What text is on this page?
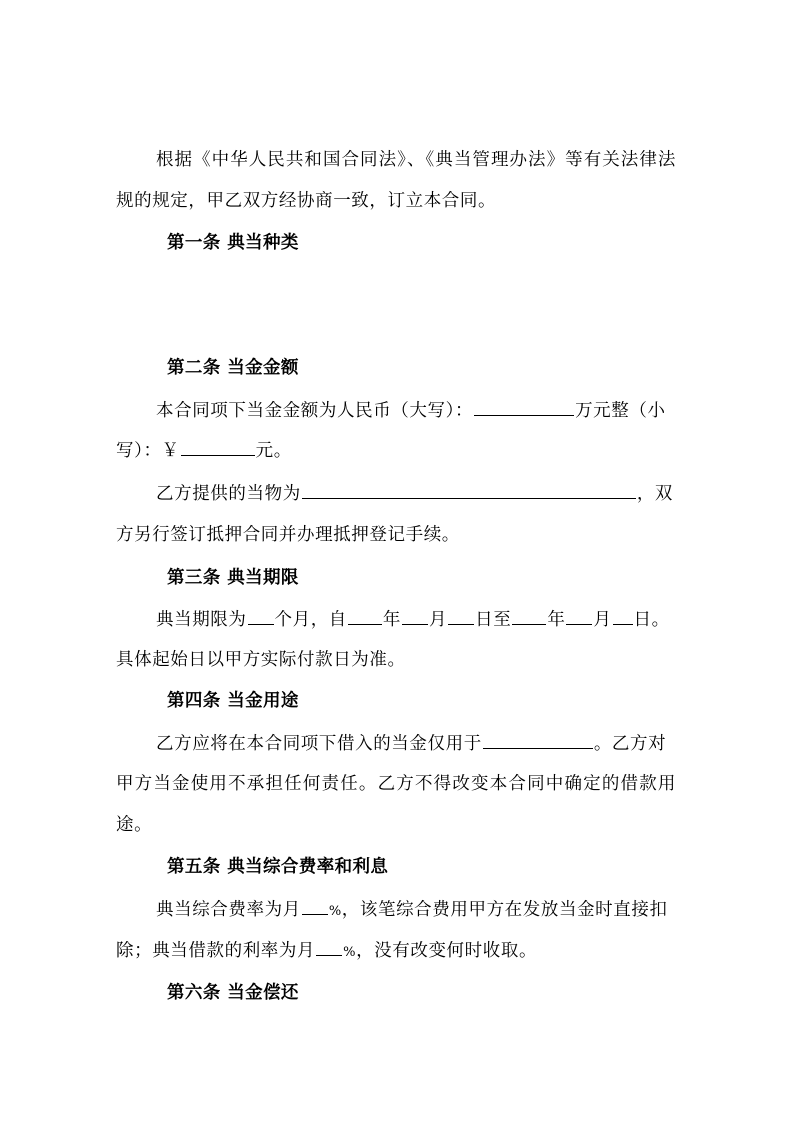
根据《中华人民共和国合同法》、《典当管理办法》等有关法律法
规的规定，甲乙双方经协商一致，订立本合同。
第一条 典当种类
第二条 当金金额
本合同项下当金金额为人民币（大写）：	万元整（小
写）：￥	元。
乙方提供的当物为	，双
方另行签订抵押合同并办理抵押登记手续。
第三条 典当期限
典当期限为 个月，自 年 月 日至 年 月 日。
具体起始日以甲方实际付款日为准。
第四条 当金用途
乙方应将在本合同项下借入的当金仅用于	。乙方对
甲方当金使用不承担任何责任。乙方不得改变本合同中确定的借款用
途。
第五条 典当综合费率和利息
典当综合费率为月 %，该笔综合费用甲方在发放当金时直接扣
除；典当借款的利率为月 %，没有改变何时收取。
第六条 当金偿还
